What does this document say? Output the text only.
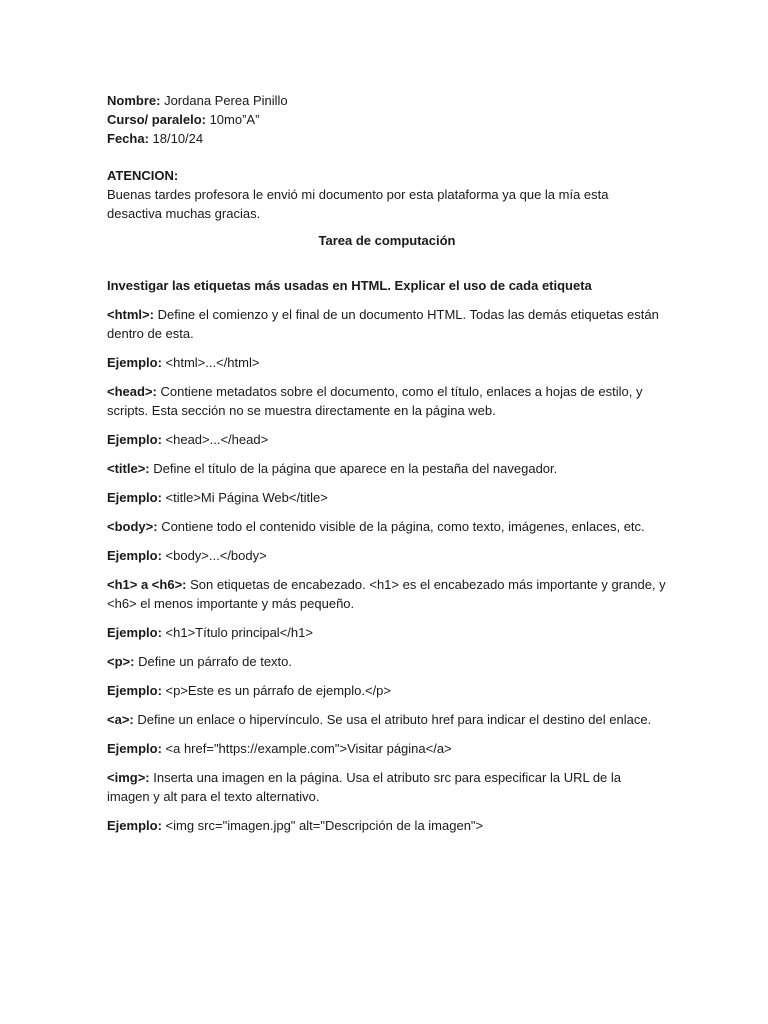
Nombre: Jordana Perea Pinillo

Curso/ paralelo: 10mo”A”

Fecha: 18/10/24

ATENCION:

Buenas tardes profesora le envió mi documento por esta plataforma ya que la mía esta desactiva muchas gracias.

Tarea de computación

Investigar las etiquetas más usadas en HTML. Explicar el uso de cada etiqueta

<html>: Define el comienzo y el final de un documento HTML. Todas las demás etiquetas están dentro de esta.

Ejemplo: <html>...</html>

<head>: Contiene metadatos sobre el documento, como el título, enlaces a hojas de estilo, y scripts. Esta sección no se muestra directamente en la página web.

Ejemplo: <head>...</head>

<title>: Define el título de la página que aparece en la pestaña del navegador.

Ejemplo: <title>Mi Página Web</title>

<body>: Contiene todo el contenido visible de la página, como texto, imágenes, enlaces, etc.

Ejemplo: <body>...</body>

<h1> a <h6>: Son etiquetas de encabezado. <h1> es el encabezado más importante y grande, y <h6> el menos importante y más pequeño.

Ejemplo: <h1>Título principal</h1>

<p>: Define un párrafo de texto.

Ejemplo: <p>Este es un párrafo de ejemplo.</p>

<a>: Define un enlace o hipervínculo. Se usa el atributo href para indicar el destino del enlace.

Ejemplo: <a href="https://example.com">Visitar página</a>

<img>: Inserta una imagen en la página. Usa el atributo src para especificar la URL de la imagen y alt para el texto alternativo.

Ejemplo: <img src="imagen.jpg" alt="Descripción de la imagen">
